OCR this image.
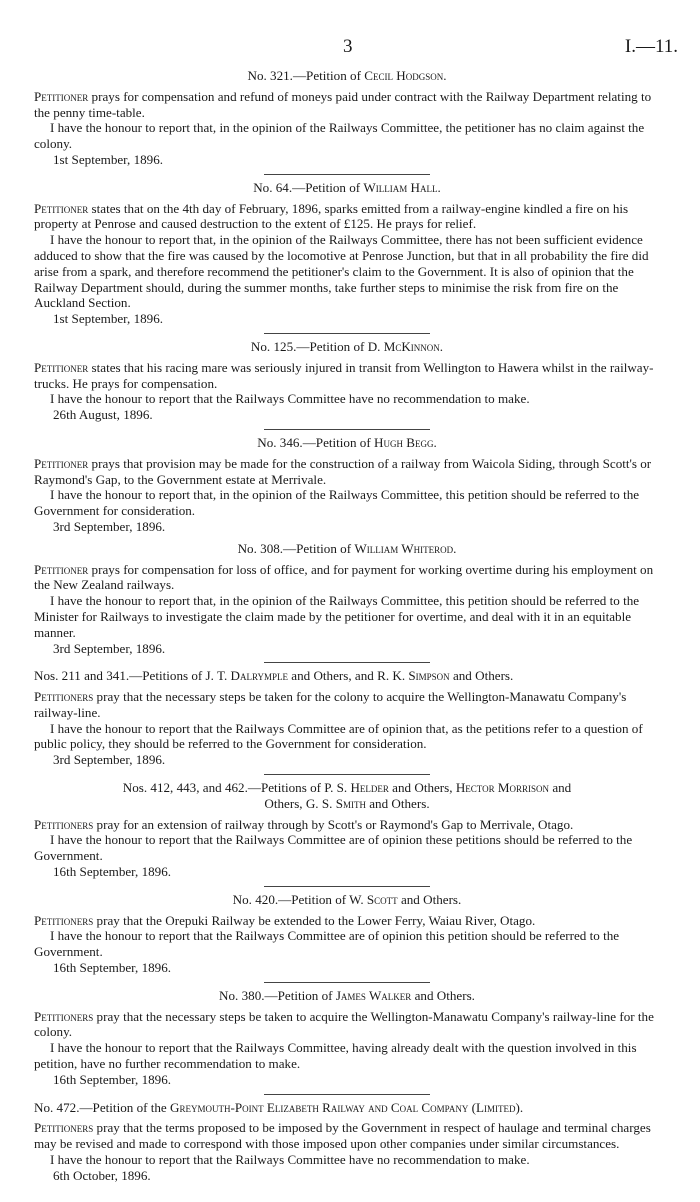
3	I.—11.
No. 321.—Petition of Cecil Hodgson.

Petitioner prays for compensation and refund of moneys paid under contract with the Railway Department relating to the penny time-table.

I have the honour to report that, in the opinion of the Railways Committee, the petitioner has no claim against the colony.

1st September, 1896.

No. 64.—Petition of William Hall.

Petitioner states that on the 4th day of February, 1896, sparks emitted from a railway-engine kindled a fire on his property at Penrose and caused destruction to the extent of £125. He prays for relief.

I have the honour to report that, in the opinion of the Railways Committee, there has not been sufficient evidence adduced to show that the fire was caused by the locomotive at Penrose Junction, but that in all probability the fire did arise from a spark, and therefore recommend the petitioner's claim to the Government. It is also of opinion that the Railway Department should, during the summer months, take further steps to minimise the risk from fire on the Auckland Section.

1st September, 1896.

No. 125.—Petition of D. McKinnon.

Petitioner states that his racing mare was seriously injured in transit from Wellington to Hawera whilst in the railway-trucks. He prays for compensation.

I have the honour to report that the Railways Committee have no recommendation to make.

26th August, 1896.

No. 346.—Petition of Hugh Begg.

Petitioner prays that provision may be made for the construction of a railway from Waicola Siding, through Scott's or Raymond's Gap, to the Government estate at Merrivale.

I have the honour to report that, in the opinion of the Railways Committee, this petition should be referred to the Government for consideration.

3rd September, 1896.

No. 308.—Petition of William Whiterod.

Petitioner prays for compensation for loss of office, and for payment for working overtime during his employment on the New Zealand railways.

I have the honour to report that, in the opinion of the Railways Committee, this petition should be referred to the Minister for Railways to investigate the claim made by the petitioner for overtime, and deal with it in an equitable manner.

3rd September, 1896.

Nos. 211 and 341.—Petitions of J. T. Dalrymple and Others, and R. K. Simpson and Others.

Petitioners pray that the necessary steps be taken for the colony to acquire the Wellington-Manawatu Company's railway-line.

I have the honour to report that the Railways Committee are of opinion that, as the petitions refer to a question of public policy, they should be referred to the Government for consideration.

3rd September, 1896.

Nos. 412, 443, and 462.—Petitions of P. S. Helder and Others, Hector Morrison and
Others, G. S. Smith and Others.

Petitioners pray for an extension of railway through by Scott's or Raymond's Gap to Merrivale, Otago.

I have the honour to report that the Railways Committee are of opinion these petitions should be referred to the Government.

16th September, 1896.

No. 420.—Petition of W. Scott and Others.

Petitioners pray that the Orepuki Railway be extended to the Lower Ferry, Waiau River, Otago.

I have the honour to report that the Railways Committee are of opinion this petition should be referred to the Government.

16th September, 1896.

No. 380.—Petition of James Walker and Others.

Petitioners pray that the necessary steps be taken to acquire the Wellington-Manawatu Company's railway-line for the colony.

I have the honour to report that the Railways Committee, having already dealt with the question involved in this petition, have no further recommendation to make.

16th September, 1896.

No. 472.—Petition of the Greymouth-Point Elizabeth Railway and Coal Company (Limited).

Petitioners pray that the terms proposed to be imposed by the Government in respect of haulage and terminal charges may be revised and made to correspond with those imposed upon other companies under similar circumstances.

I have the honour to report that the Railways Committee have no recommendation to make.

6th October, 1896.
